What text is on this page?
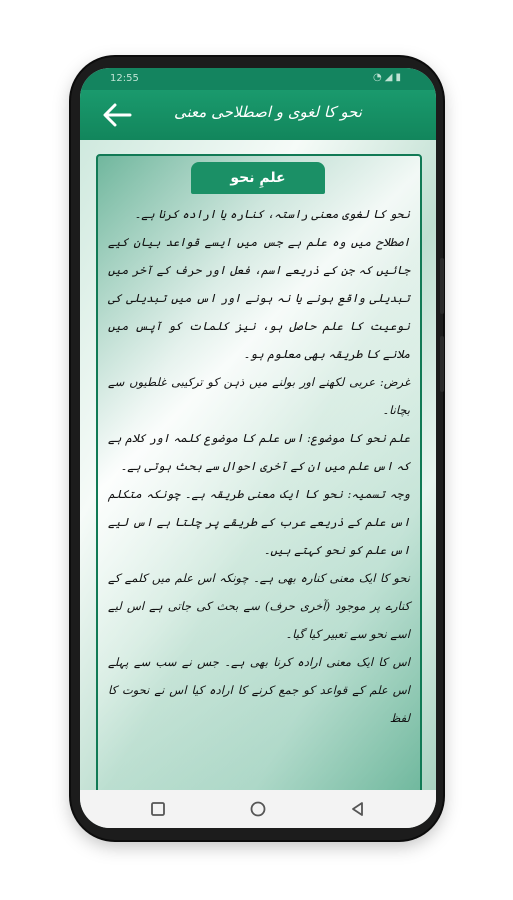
12:55	◔◢▮
نحو کا لغوی و اصطلاحی معنی
علمِ نحو

نحو کا لغوی معنی راستہ، کنارہ یا ارادہ کرنا ہے۔

اصطلاح میں وہ علم ہے جس میں ایسے قواعد بیان کیے جائیں کہ جن کے ذریعے اسم، فعل اور حرف کے آخر میں تبدیلی واقع ہونے یا نہ ہونے اور اس میں تبدیلی کی نوعیت کا علم حاصل ہو، نیز کلمات کو آپس میں ملانے کا طریقہ بھی معلوم ہو۔

غرض: عربی لکھنے اور بولنے میں ذہن کو ترکیبی غلطیوں سے بچانا۔

علم نحو کا موضوع: اس علم کا موضوع کلمہ اور کلام ہے کہ اس علم میں ان کے آخری احوال سے بحث ہوتی ہے۔

وجہ تسمیہ: نحو کا ایک معنی طریقہ ہے۔ چونکہ متکلم اس علم کے ذریعے عرب کے طریقے پر چلتا ہے اس لیے اس علم کو نحو کہتے ہیں۔

نحو کا ایک معنی کنارہ بھی ہے۔ چونکہ اس علم میں کلمے کے کنارے پر موجود (آخری حرف) سے بحث کی جاتی ہے اس لیے اسے نحو سے تعبیر کیا گیا۔

اس کا ایک معنی ارادہ کرنا بھی ہے۔ جس نے سب سے پہلے اس علم کے قواعد کو جمع کرنے کا ارادہ کیا اس نے نحوت کا لفظ
